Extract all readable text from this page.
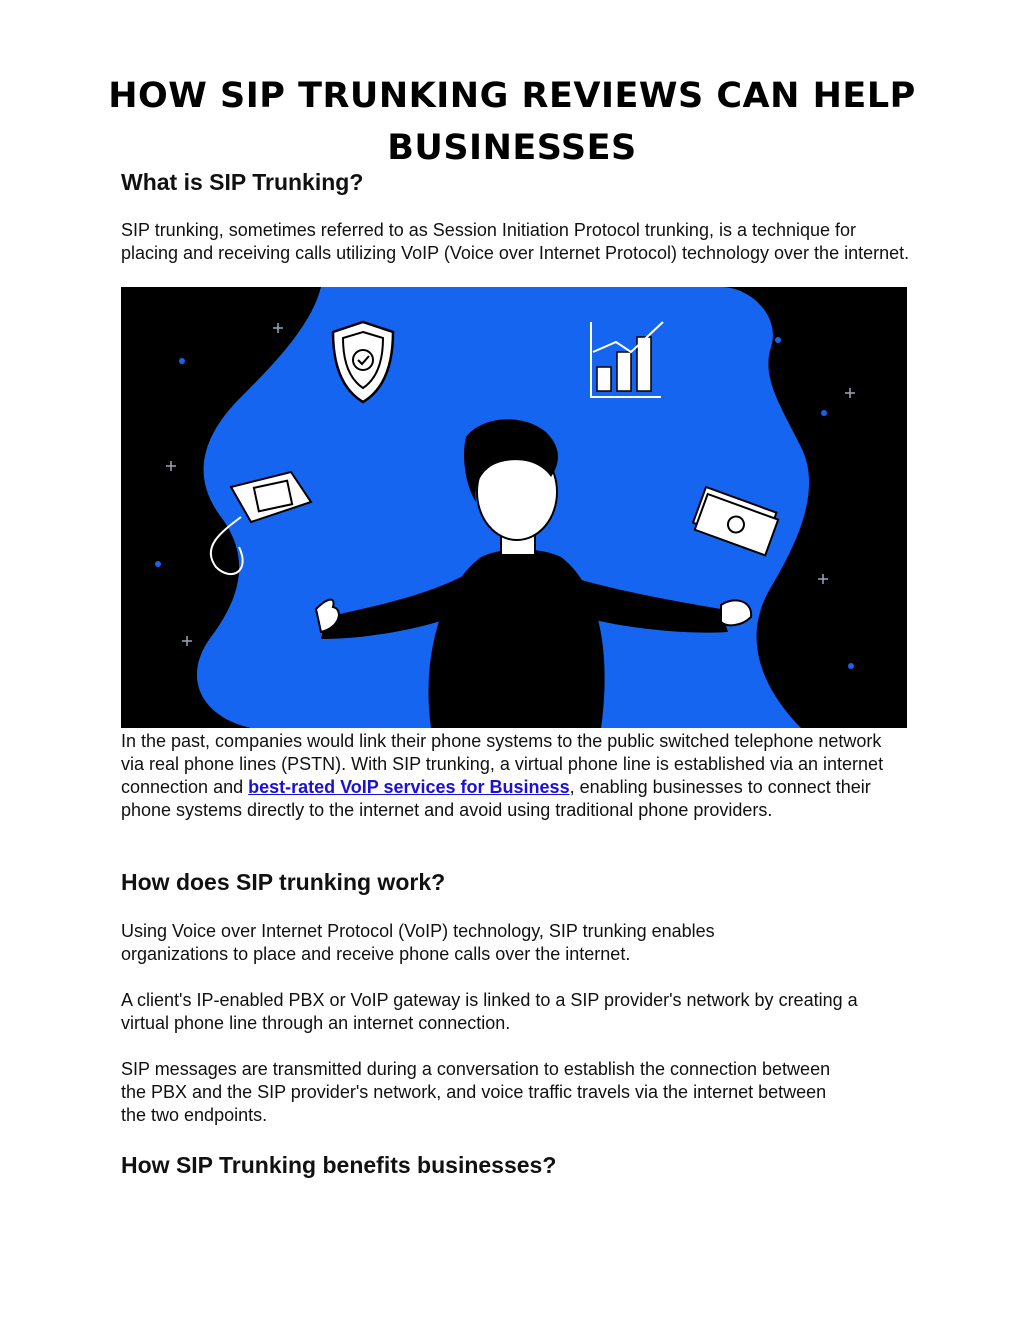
HOW SIP TRUNKING REVIEWS CAN HELP
BUSINESSES
What is SIP Trunking?

SIP trunking, sometimes referred to as Session Initiation Protocol trunking, is a technique for placing and receiving calls utilizing VoIP (Voice over Internet Protocol) technology over the internet.

In the past, companies would link their phone systems to the public switched telephone network via real phone lines (PSTN). With SIP trunking, a virtual phone line is established via an internet connection and best-rated VoIP services for Business, enabling businesses to connect their phone systems directly to the internet and avoid using traditional phone providers.

How does SIP trunking work?

Using Voice over Internet Protocol (VoIP) technology, SIP trunking enables organizations to place and receive phone calls over the internet.

A client's IP-enabled PBX or VoIP gateway is linked to a SIP provider's network by creating a virtual phone line through an internet connection.

SIP messages are transmitted during a conversation to establish the connection between the PBX and the SIP provider's network, and voice traffic travels via the internet between the two endpoints.

How SIP Trunking benefits businesses?
